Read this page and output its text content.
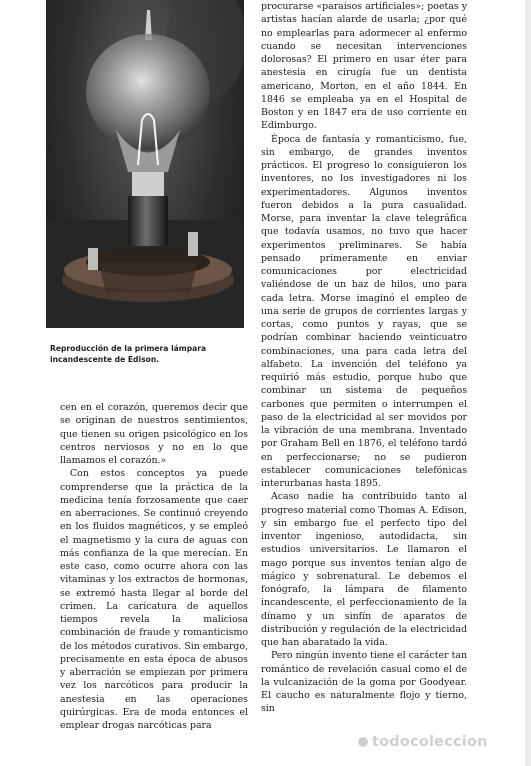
Reproducción de la primera lámpara incandescente de Edison.

cen en el corazón, queremos decir que se originan de nuestros sentimientos, que tienen su origen psicológico en los centros nerviosos y no en lo que llamamos el corazón.»

Con estos conceptos ya puede comprenderse que la práctica de la medicina tenía forzosamente que caer en aberraciones. Se continuó creyendo en los fluidos magnéticos, y se empleó el magnetismo y la cura de aguas con más confianza de la que merecían. En este caso, como ocurre ahora con las vitaminas y los extractos de hormonas, se extremó hasta llegar al borde del crimen. La caricatura de aquellos tiempos revela la maliciosa combinación de fraude y romanticismo de los métodos curativos. Sin embargo, precisamente en esta época de abusos y aberración se empiezan por primera vez los narcóticos para producir la anestesia en las operaciones quirúrgicas. Era de moda entonces el emplear drogas narcóticas para

procurarse «paraísos artificiales»; poetas y artistas hacían alarde de usarla; ¿por qué no emplearlas para adormecer al enfermo cuando se necesitan intervenciones dolorosas? El primero en usar éter para anestesia en cirugía fue un dentista americano, Morton, en el año 1844. En 1846 se empleaba ya en el Hospital de Boston y en 1847 era de uso corriente en Edimburgo.

Época de fantasía y romanticismo, fue, sin embargo, de grandes inventos prácticos. El progreso lo consiguieron los inventores, no los investigadores ni los experimentadores. Algunos inventos fueron debidos a la pura casualidad. Morse, para inventar la clave telegráfica que todavía usamos, no tuvo que hacer experimentos preliminares. Se había pensado primeramente en enviar comunicaciones por electricidad valiéndose de un haz de hilos, uno para cada letra. Morse imaginó el empleo de una serie de grupos de corrientes largas y cortas, como puntos y rayas, que se podrían combinar haciendo veinticuatro combinaciones, una para cada letra del alfabeto. La invención del teléfono ya requirió más estudio, porque hubo que combinar un sistema de pequeños carbones que permiten o interrumpen el paso de la electricidad al ser movidos por la vibración de una membrana. Inventado por Graham Bell en 1876, el teléfono tardó en perfeccionarse; no se pudieron establecer comunicaciones telefónicas interurbanas hasta 1895.

Acaso nadie ha contribuido tanto al progreso material como Thomas A. Edison, y sin embargo fue el perfecto tipo del inventor ingenioso, autodidacta, sin estudios universitarios. Le llamaron el mago porque sus inventos tenían algo de mágico y sobrenatural. Le debemos el fonógrafo, la lámpara de filamento incandescente, el perfeccionamiento de la dínamo y un sinfín de aparatos de distribución y regulación de la electricidad que han abaratado la vida.

Pero ningún invento tiene el carácter tan romántico de revelación casual como el de la vulcanización de la goma por Goodyear. El caucho es naturalmente flojo y tierno, sin

todocoleccion
